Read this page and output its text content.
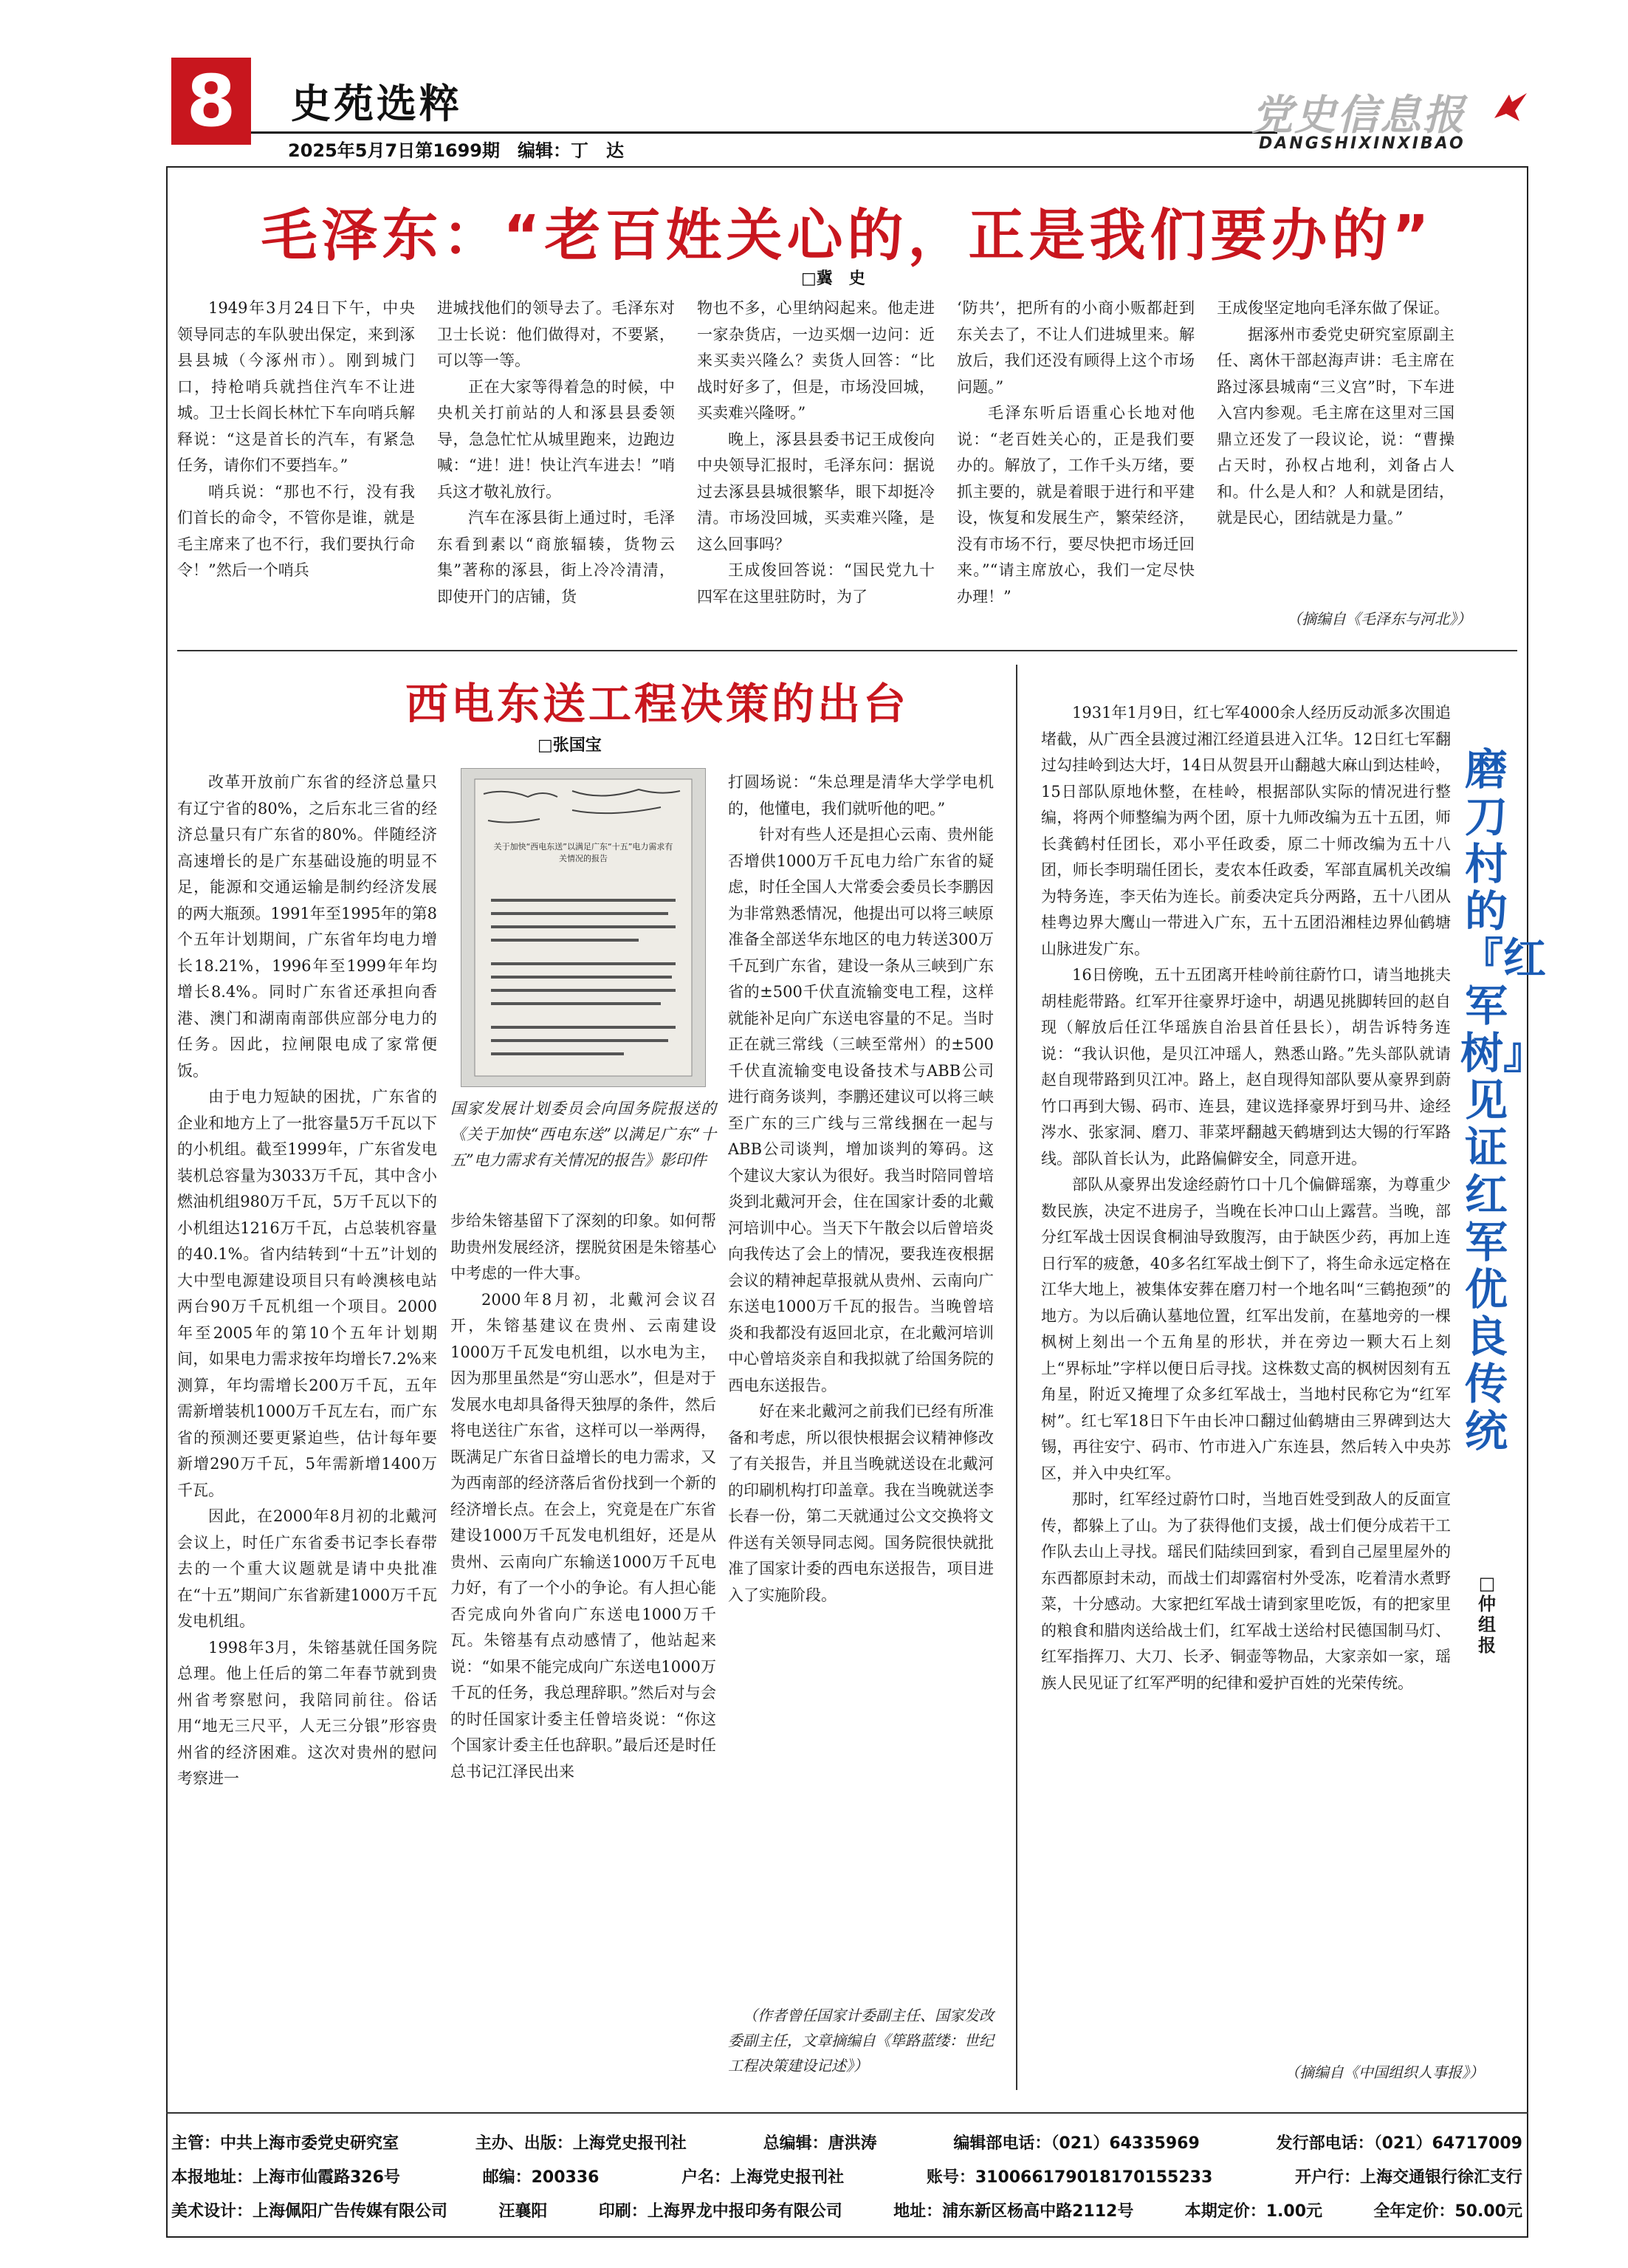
8	史苑选粹
2025年5月7日第1699期　编辑：丁　达
党史信息报
DANGSHIXINXIBAO
毛泽东：“老百姓关心的，正是我们要办的”
□冀　史

1949年3月24日下午，中央领导同志的车队驶出保定，来到涿县县城（今涿州市）。刚到城门口，持枪哨兵就挡住汽车不让进城。卫士长阎长林忙下车向哨兵解释说：“这是首长的汽车，有紧急任务，请你们不要挡车。”

哨兵说：“那也不行，没有我们首长的命令，不管你是谁，就是毛主席来了也不行，我们要执行命令！”然后一个哨兵

进城找他们的领导去了。毛泽东对卫士长说：他们做得对，不要紧，可以等一等。

正在大家等得着急的时候，中央机关打前站的人和涿县县委领导，急急忙忙从城里跑来，边跑边喊：“进！进！快让汽车进去！”哨兵这才敬礼放行。

汽车在涿县街上通过时，毛泽东看到素以“商旅辐辏，货物云集”著称的涿县，街上冷冷清清，即使开门的店铺，货

物也不多，心里纳闷起来。他走进一家杂货店，一边买烟一边问：近来买卖兴隆么？卖货人回答：“比战时好多了，但是，市场没回城，买卖难兴隆呀。”

晚上，涿县县委书记王成俊向中央领导汇报时，毛泽东问：据说过去涿县县城很繁华，眼下却挺冷清。市场没回城，买卖难兴隆，是这么回事吗？

王成俊回答说：“国民党九十四军在这里驻防时，为了

‘防共’，把所有的小商小贩都赶到东关去了，不让人们进城里来。解放后，我们还没有顾得上这个市场问题。”

毛泽东听后语重心长地对他说：“老百姓关心的，正是我们要办的。解放了，工作千头万绪，要抓主要的，就是着眼于进行和平建设，恢复和发展生产，繁荣经济，没有市场不行，要尽快把市场迁回来。”“请主席放心，我们一定尽快办理！”

王成俊坚定地向毛泽东做了保证。

据涿州市委党史研究室原副主任、离休干部赵海声讲：毛主席在路过涿县城南“三义宫”时，下车进入宫内参观。毛主席在这里对三国鼎立还发了一段议论，说：“曹操占天时，孙权占地利，刘备占人和。什么是人和？人和就是团结，就是民心，团结就是力量。”

（摘编自《毛泽东与河北》）
西电东送工程决策的出台
□张国宝

改革开放前广东省的经济总量只有辽宁省的80%，之后东北三省的经济总量只有广东省的80%。伴随经济高速增长的是广东基础设施的明显不足，能源和交通运输是制约经济发展的两大瓶颈。1991年至1995年的第8个五年计划期间，广东省年均电力增长18.21%，1996年至1999年年均增长8.4%。同时广东省还承担向香港、澳门和湖南南部供应部分电力的任务。因此，拉闸限电成了家常便饭。

由于电力短缺的困扰，广东省的企业和地方上了一批容量5万千瓦以下的小机组。截至1999年，广东省发电装机总容量为3033万千瓦，其中含小燃油机组980万千瓦，5万千瓦以下的小机组达1216万千瓦，占总装机容量的40.1%。省内结转到“十五”计划的大中型电源建设项目只有岭澳核电站两台90万千瓦机组一个项目。2000年至2005年的第10个五年计划期间，如果电力需求按年均增长7.2%来测算，年均需增长200万千瓦，五年需新增装机1000万千瓦左右，而广东省的预测还要更紧迫些，估计每年要新增290万千瓦，5年需新增1400万千瓦。

因此，在2000年8月初的北戴河会议上，时任广东省委书记李长春带去的一个重大议题就是请中央批准在“十五”期间广东省新建1000万千瓦发电机组。

1998年3月，朱镕基就任国务院总理。他上任后的第二年春节就到贵州省考察慰问，我陪同前往。俗话用“地无三尺平，人无三分银”形容贵州省的经济困难。这次对贵州的慰问考察进一

关于加快“西电东送”以满足广东“十五”电力需求有关情况的报告
国家发展计划委员会向国务院报送的《关于加快“西电东送”以满足广东“十五”电力需求有关情况的报告》影印件

步给朱镕基留下了深刻的印象。如何帮助贵州发展经济，摆脱贫困是朱镕基心中考虑的一件大事。

2000年8月初，北戴河会议召开，朱镕基建议在贵州、云南建设1000万千瓦发电机组，以水电为主，因为那里虽然是“穷山恶水”，但是对于发展水电却具备得天独厚的条件，然后将电送往广东省，这样可以一举两得，既满足广东省日益增长的电力需求，又为西南部的经济落后省份找到一个新的经济增长点。在会上，究竟是在广东省建设1000万千瓦发电机组好，还是从贵州、云南向广东输送1000万千瓦电力好，有了一个小的争论。有人担心能否完成向外省向广东送电1000万千瓦。朱镕基有点动感情了，他站起来说：“如果不能完成向广东送电1000万千瓦的任务，我总理辞职。”然后对与会的时任国家计委主任曾培炎说：“你这个国家计委主任也辞职。”最后还是时任总书记江泽民出来

打圆场说：“朱总理是清华大学学电机的，他懂电，我们就听他的吧。”

针对有些人还是担心云南、贵州能否增供1000万千瓦电力给广东省的疑虑，时任全国人大常委会委员长李鹏因为非常熟悉情况，他提出可以将三峡原准备全部送华东地区的电力转送300万千瓦到广东省，建设一条从三峡到广东省的±500千伏直流输变电工程，这样就能补足向广东送电容量的不足。当时正在就三常线（三峡至常州）的±500千伏直流输变电设备技术与ABB公司进行商务谈判，李鹏还建议可以将三峡至广东的三广线与三常线捆在一起与ABB公司谈判，增加谈判的筹码。这个建议大家认为很好。我当时陪同曾培炎到北戴河开会，住在国家计委的北戴河培训中心。当天下午散会以后曾培炎向我传达了会上的情况，要我连夜根据会议的精神起草报就从贵州、云南向广东送电1000万千瓦的报告。当晚曾培炎和我都没有返回北京，在北戴河培训中心曾培炎亲自和我拟就了给国务院的西电东送报告。

好在来北戴河之前我们已经有所准备和考虑，所以很快根据会议精神修改了有关报告，并且当晚就送设在北戴河的印刷机构打印盖章。我在当晚就送李长春一份，第二天就通过公文交换将文件送有关领导同志阅。国务院很快就批准了国家计委的西电东送报告，项目进入了实施阶段。

（作者曾任国家计委副主任、国家发改委副主任，文章摘编自《筚路蓝缕：世纪工程决策建设记述》）

1931年1月9日，红七军4000余人经历反动派多次围追堵截，从广西全县渡过湘江经道县进入江华。12日红七军翻过勾挂岭到达大圩，14日从贺县开山翻越大麻山到达桂岭，15日部队原地休整，在桂岭，根据部队实际的情况进行整编，将两个师整编为两个团，原十九师改编为五十五团，师长龚鹤村任团长，邓小平任政委，原二十师改编为五十八团，师长李明瑞任团长，麦农本任政委，军部直属机关改编为特务连，李天佑为连长。前委决定兵分两路，五十八团从桂粤边界大鹰山一带进入广东，五十五团沿湘桂边界仙鹤塘山脉进发广东。

16日傍晚，五十五团离开桂岭前往蔚竹口，请当地挑夫胡桂彪带路。红军开往豪界圩途中，胡遇见挑脚转回的赵自现（解放后任江华瑶族自治县首任县长），胡告诉特务连说：“我认识他，是贝江冲瑶人，熟悉山路。”先头部队就请赵自现带路到贝江冲。路上，赵自现得知部队要从豪界到蔚竹口再到大锡、码市、连县，建议选择豪界圩到马井、途经涔水、张家洞、磨刀、菲菜坪翻越天鹤塘到达大锡的行军路线。部队首长认为，此路偏僻安全，同意开进。

部队从豪界出发途经蔚竹口十几个偏僻瑶寨，为尊重少数民族，决定不进房子，当晚在长冲口山上露营。当晚，部分红军战士因误食桐油导致腹泻，由于缺医少药，再加上连日行军的疲惫，40多名红军战士倒下了，将生命永远定格在江华大地上，被集体安葬在磨刀村一个地名叫“三鹤抱颈”的地方。为以后确认墓地位置，红军出发前，在墓地旁的一棵枫树上刻出一个五角星的形状，并在旁边一颗大石上刻上“界标址”字样以便日后寻找。这株数丈高的枫树因刻有五角星，附近又掩埋了众多红军战士，当地村民称它为“红军树”。红七军18日下午由长冲口翻过仙鹤塘由三界碑到达大锡，再往安宁、码市、竹市进入广东连县，然后转入中央苏区，并入中央红军。

那时，红军经过蔚竹口时，当地百姓受到敌人的反面宣传，都躲上了山。为了获得他们支援，战士们便分成若干工作队去山上寻找。瑶民们陆续回到家，看到自己屋里屋外的东西都原封未动，而战士们却露宿村外受冻，吃着清水煮野菜，十分感动。大家把红军战士请到家里吃饭，有的把家里的粮食和腊肉送给战士们，红军战士送给村民德国制马灯、红军指挥刀、大刀、长矛、铜壶等物品，大家亲如一家，瑶族人民见证了红军严明的纪律和爱护百姓的光荣传统。

（摘编自《中国组织人事报》）
磨刀村的『红军树』见证红军优良传统
□仲组报
主管：中共上海市委党史研究室	主办、出版：上海党史报刊社	总编辑：唐洪涛	编辑部电话：（021）64335969	发行部电话：（021）64717009
本报地址：上海市仙霞路326号	邮编：200336	户名：上海党史报刊社	账号：310066179018170155233	开户行：上海交通银行徐汇支行
美术设计：上海佩阳广告传媒有限公司	汪襄阳	印刷：上海界龙中报印务有限公司	地址：浦东新区杨高中路2112号	本期定价：1.00元	全年定价：50.00元
